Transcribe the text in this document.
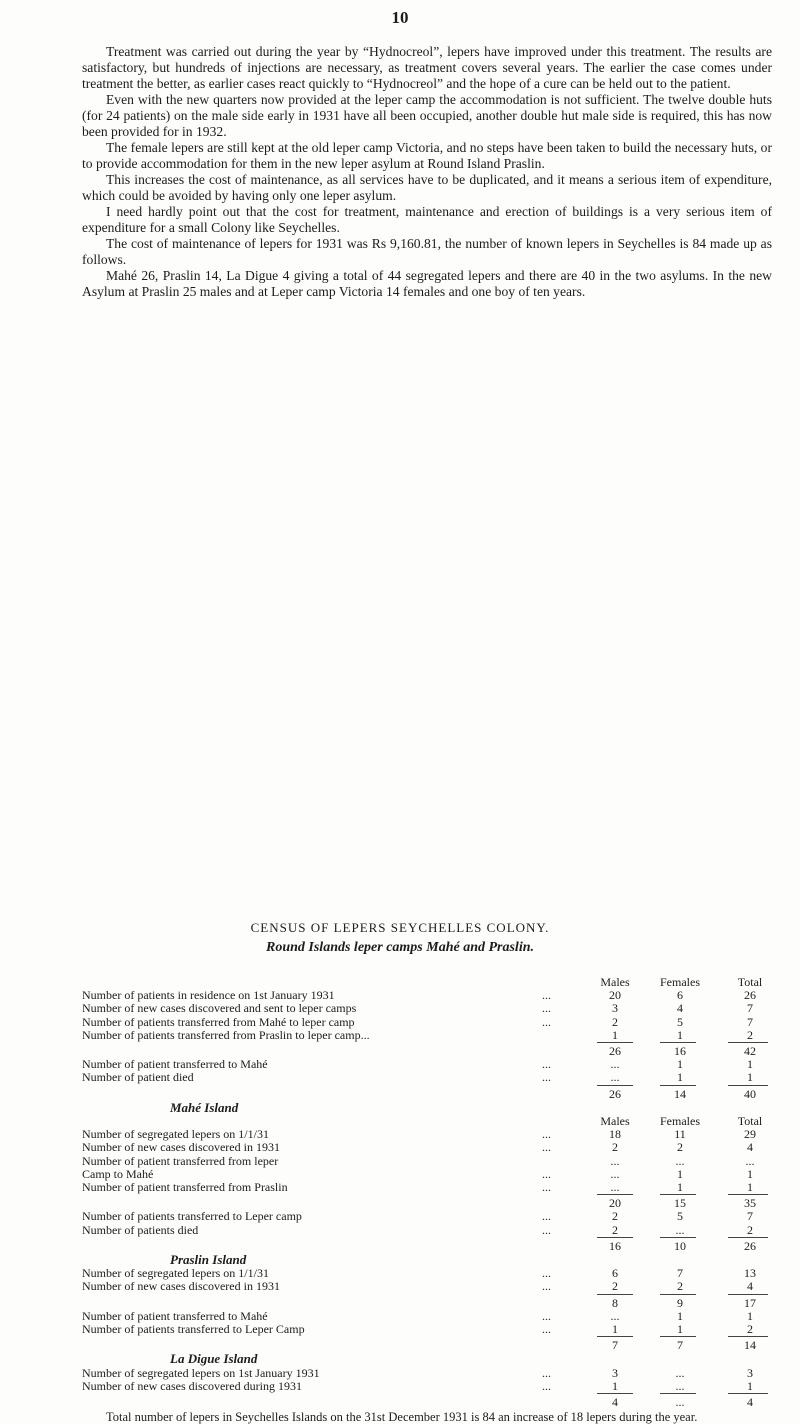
10

Treatment was carried out during the year by “Hydnocreol”, lepers have improved under this treatment. The results are satisfactory, but hundreds of injections are necessary, as treatment covers several years. The earlier the case comes under treatment the better, as earlier cases react quickly to “Hydnocreol” and the hope of a cure can be held out to the patient.

Even with the new quarters now provided at the leper camp the accommodation is not sufficient. The twelve double huts (for 24 patients) on the male side early in 1931 have all been occupied, another double hut male side is required, this has now been provided for in 1932.

The female lepers are still kept at the old leper camp Victoria, and no steps have been taken to build the necessary huts, or to provide accommodation for them in the new leper asylum at Round Island Praslin.

This increases the cost of maintenance, as all services have to be duplicated, and it means a serious item of expenditure, which could be avoided by having only one leper asylum.

I need hardly point out that the cost for treatment, maintenance and erection of buildings is a very serious item of expenditure for a small Colony like Seychelles.

The cost of maintenance of lepers for 1931 was Rs 9,160.81, the number of known lepers in Seychelles is 84 made up as follows.

Mahé 26, Praslin 14, La Digue 4 giving a total of 44 segregated lepers and there are 40 in the two asylums. In the new Asylum at Praslin 25 males and at Leper camp Victoria 14 females and one boy of ten years.

CENSUS OF LEPERS SEYCHELLES COLONY.
Round Islands leper camps Mahé and Praslin.
Males	Females	Total
Number of patients in residence on 1st January 1931	...	20	6	26
Number of new cases discovered and sent to leper camps	...	3	4	7
Number of patients transferred from Mahé to leper camp	...	2	5	7
Number of patients transferred from Praslin to leper camp...	1	1	2
26	16	42
Number of patient transferred to Mahé	...	...	1	1
Number of patient died	...	...	1	1
26	14	40
Mahé Island
Males	Females	Total
Number of segregated lepers on 1/1/31	...	18	11	29
Number of new cases discovered in 1931	...	2	2	4
Number of patient transferred from leper	...	...	...
Camp to Mahé	...	...	1	1
Number of patient transferred from Praslin	...	...	1	1
20	15	35
Number of patients transferred to Leper camp	...	2	5	7
Number of patients died	...	2	...	2
16	10	26
Praslin Island
Number of segregated lepers on 1/1/31	...	6	7	13
Number of new cases discovered in 1931	...	2	2	4
8	9	17
Number of patient transferred to Mahé	...	...	1	1
Number of patients transferred to Leper Camp	...	1	1	2
7	7	14
La Digue Island
Number of segregated lepers on 1st January 1931	...	3	...	3
Number of new cases discovered during 1931	...	1	...	1
4	...	4

Total number of lepers in Seychelles Islands on the 31st December 1931 is 84 an increase of 18 lepers during the year.
